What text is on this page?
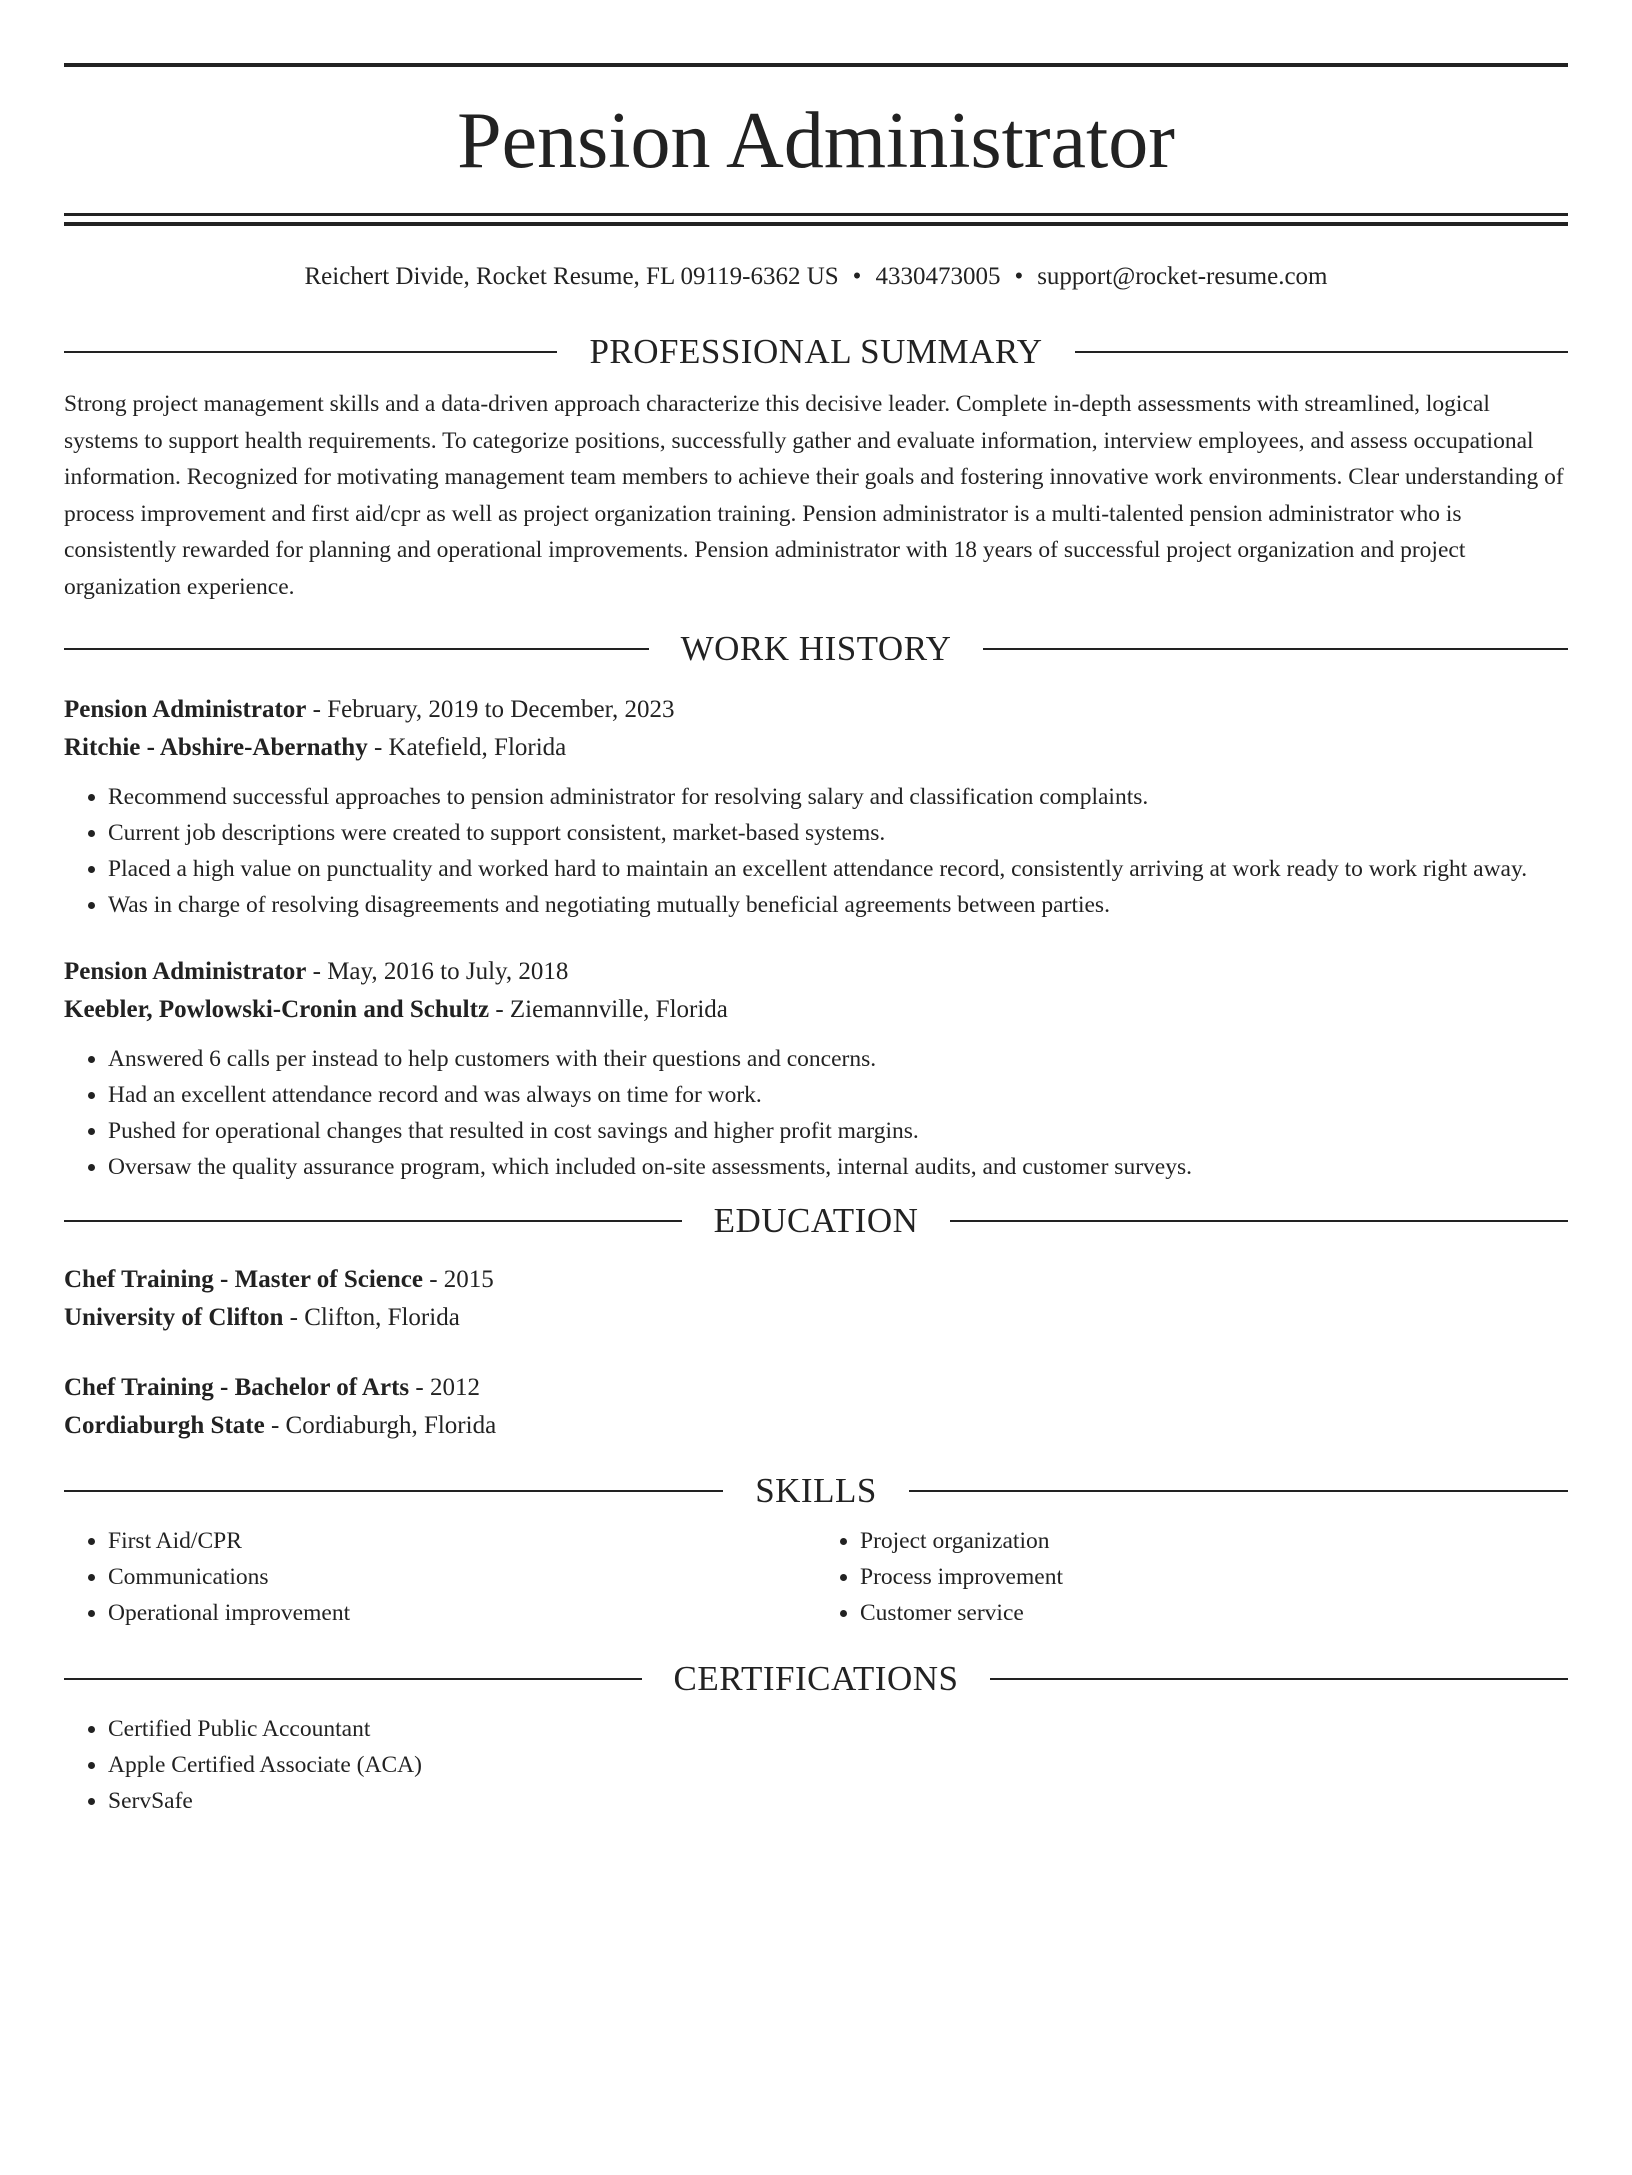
Pension Administrator
Reichert Divide, Rocket Resume, FL 09119-6362 US • 4330473005 • support@rocket-resume.com
PROFESSIONAL SUMMARY

Strong project management skills and a data-driven approach characterize this decisive leader. Complete in-depth assessments with streamlined, logical systems to support health requirements. To categorize positions, successfully gather and evaluate information, interview employees, and assess occupational information. Recognized for motivating management team members to achieve their goals and fostering innovative work environments. Clear understanding of process improvement and first aid/cpr as well as project organization training. Pension administrator is a multi-talented pension administrator who is consistently rewarded for planning and operational improvements. Pension administrator with 18 years of successful project organization and project organization experience.

WORK HISTORY
Pension Administrator - February, 2019 to December, 2023
Ritchie - Abshire-Abernathy - Katefield, Florida
• Recommend successful approaches to pension administrator for resolving salary and classification complaints.
• Current job descriptions were created to support consistent, market-based systems.
• Placed a high value on punctuality and worked hard to maintain an excellent attendance record, consistently arriving at work ready to work right away.
• Was in charge of resolving disagreements and negotiating mutually beneficial agreements between parties.
Pension Administrator - May, 2016 to July, 2018
Keebler, Powlowski-Cronin and Schultz - Ziemannville, Florida
• Answered 6 calls per instead to help customers with their questions and concerns.
• Had an excellent attendance record and was always on time for work.
• Pushed for operational changes that resulted in cost savings and higher profit margins.
• Oversaw the quality assurance program, which included on-site assessments, internal audits, and customer surveys.
EDUCATION
Chef Training - Master of Science - 2015
University of Clifton - Clifton, Florida
Chef Training - Bachelor of Arts - 2012
Cordiaburgh State - Cordiaburgh, Florida
SKILLS
• First Aid/CPR
• Communications
• Operational improvement
• Project organization
• Process improvement
• Customer service
CERTIFICATIONS
• Certified Public Accountant
• Apple Certified Associate (ACA)
• ServSafe
